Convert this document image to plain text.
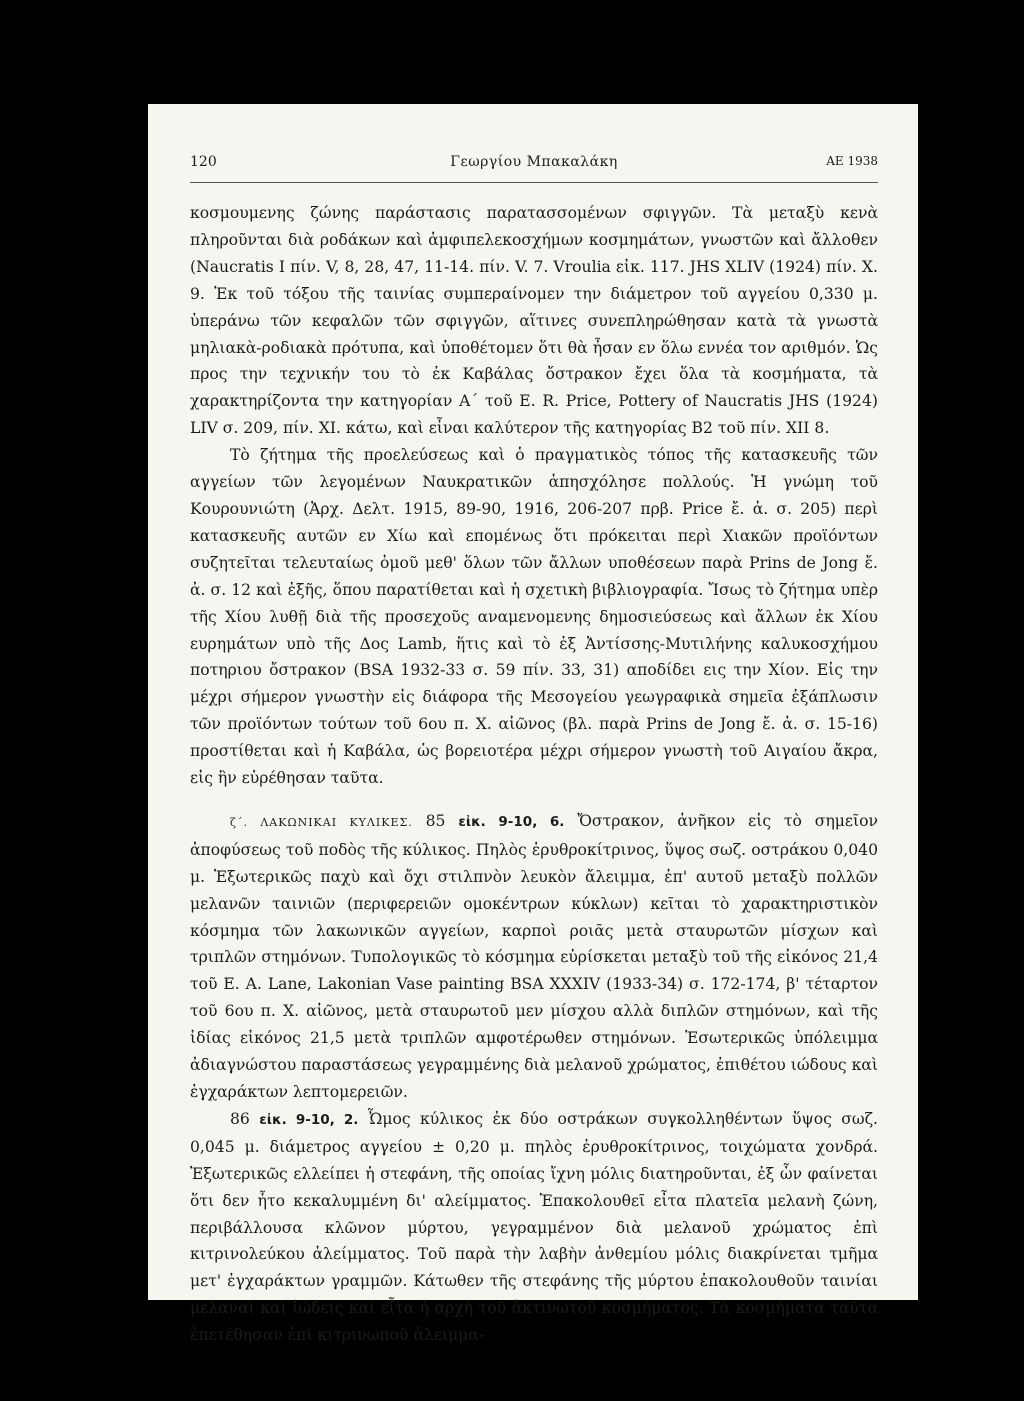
120	Γεωργίου Μπακαλάκη	ΑΕ 1938

κοσμουμενης ζώνης παράστασις παρατασσομένων σφιγγῶν. Τὰ μεταξὺ κενὰ πληροῦνται διὰ ροδάκων καὶ ἀμφιπελεκοσχήμων κοσμημάτων, γνωστῶν καὶ ἄλλοθεν (Naucratis I πίν. V, 8, 28, 47, 11-14. πίν. V. 7. Vroulia εἰκ. 117. JHS XLIV (1924) πίν. X. 9. Ἐκ τοῦ τόξου τῆς ταινίας συμπεραίνομεν την διάμετρον τοῦ αγγείου 0,330 μ. ὑπεράνω τῶν κεφαλῶν τῶν σφιγγῶν, αἵτινες συνεπληρώθησαν κατὰ τὰ γνωστὰ μηλιακὰ-ροδιακὰ πρότυπα, καὶ ὑποθέτομεν ὅτι θὰ ἦσαν εν ὅλω εννέα τον αριθμόν. Ὡς προς την τεχνικήν του τὸ ἐκ Καβάλας ὄστρακον ἔχει ὅλα τὰ κοσμήματα, τὰ χαρακτηρίζοντα την κατηγορίαν Α΄ τοῦ E. R. Price, Pottery of Naucratis JHS (1924) LIV σ. 209, πίν. XI. κάτω, καὶ εἶναι καλύτερον τῆς κατηγορίας Β2 τοῦ πίν. XII 8.

Τὸ ζήτημα τῆς προελεύσεως καὶ ὁ πραγματικὸς τόπος τῆς κατασκευῆς τῶν αγγείων τῶν λεγομένων Ναυκρατικῶν ἀπησχόλησε πολλούς. Ἡ γνώμη τοῦ Κουρουνιώτη (Ἀρχ. Δελτ. 1915, 89-90, 1916, 206-207 πρβ. Price ἔ. ἀ. σ. 205) περὶ κατασκευῆς αυτῶν εν Χίω καὶ επομένως ὅτι πρόκειται περὶ Χιακῶν προϊόντων συζητεῖται τελευταίως ὁμοῦ μεθ' ὅλων τῶν ἄλλων υποθέσεων παρὰ Prins de Jong ἔ. ἀ. σ. 12 καὶ ἑξῆς, ὅπου παρατίθεται καὶ ἡ σχετικὴ βιβλιογραφία. Ἴσως τὸ ζήτημα υπὲρ τῆς Χίου λυθῇ διὰ τῆς προσεχοῦς αναμενομενης δημοσιεύσεως καὶ ἄλλων ἐκ Χίου ευρημάτων υπὸ τῆς Δος Lamb, ἥτις καὶ τὸ ἐξ Ἀντίσσης-Μυτιλήνης καλυκοσχήμου ποτηριου ὄστρακον (BSA 1932-33 σ. 59 πίν. 33, 31) αποδίδει εις την Χίον. Εἰς την μέχρι σήμερον γνωστὴν εἰς διάφορα τῆς Μεσογείου γεωγραφικὰ σημεῖα ἐξάπλωσιν τῶν προϊόντων τούτων τοῦ 6ου π. Χ. αἰῶνος (βλ. παρὰ Prins de Jong ἔ. ἀ. σ. 15-16) προστίθεται καὶ ἡ Καβάλα, ὡς βορειοτέρα μέχρι σήμερον γνωστὴ τοῦ Αιγαίου ἄκρα, εἰς ἣν εὑρέθησαν ταῦτα.

ζ΄. ΛΑΚΩΝΙΚΑΙ ΚΥΛΙΚΕΣ. 85 εἰκ. 9-10, 6. Ὄστρακον, ἀνῆκον εἰς τὸ σημεῖον ἀποφύσεως τοῦ ποδὸς τῆς κύλικος. Πηλὸς ἐρυθροκίτρινος, ὕψος σωζ. οστράκου 0,040 μ. Ἐξωτερικῶς παχὺ καὶ ὄχι στιλπνὸν λευκὸν ἄλειμμα, ἐπ' αυτοῦ μεταξὺ πολλῶν μελανῶν ταινιῶν (περιφερειῶν ομοκέντρων κύκλων) κεῖται τὸ χαρακτηριστικὸν κόσμημα τῶν λακωνικῶν αγγείων, καρποὶ ροιᾶς μετὰ σταυρωτῶν μίσχων καὶ τριπλῶν στημόνων. Τυπολογικῶς τὸ κόσμημα εὑρίσκεται μεταξὺ τοῦ τῆς εἰκόνος 21,4 τοῦ E. A. Lane, Lakonian Vase painting BSA XXXIV (1933-34) σ. 172-174, β' τέταρτον τοῦ 6ου π. Χ. αἰῶνος, μετὰ σταυρωτοῦ μεν μίσχου αλλὰ διπλῶν στημόνων, καὶ τῆς ἰδίας εἰκόνος 21,5 μετὰ τριπλῶν αμφοτέρωθεν στημόνων. Ἐσωτερικῶς ὑπόλειμμα ἀδιαγνώστου παραστάσεως γεγραμμένης διὰ μελανοῦ χρώματος, ἐπιθέτου ιώδους καὶ ἐγχαράκτων λεπτομερειῶν.

86 εἰκ. 9-10, 2. Ὦμος κύλικος ἐκ δύο οστράκων συγκολληθέντων ὕψος σωζ. 0,045 μ. διάμετρος αγγείου ± 0,20 μ. πηλὸς ἐρυθροκίτρινος, τοιχώματα χονδρά. Ἐξωτερικῶς ελλείπει ἡ στεφάνη, τῆς οποίας ἴχνη μόλις διατηροῦνται, ἐξ ὧν φαίνεται ὅτι δεν ἦτο κεκαλυμμένη δι' αλείμματος. Ἐπακολουθεῖ εἶτα πλατεῖα μελανὴ ζώνη, περιβάλλουσα κλῶνον μύρτου, γεγραμμένον διὰ μελανοῦ χρώματος ἐπὶ κιτρινολεύκου ἀλείμματος. Τοῦ παρὰ τὴν λαβὴν ἀνθεμίου μόλις διακρίνεται τμῆμα μετ' ἐγχαράκτων γραμμῶν. Κάτωθεν τῆς στεφάνης τῆς μύρτου ἐπακολουθοῦν ταινίαι μελαναὶ καὶ ἰώδεις καὶ εἶτα ἡ αρχὴ τοῦ ἀκτινωτοῦ κοσμήματος. Τὰ κοσμήματα ταῦτα ἐπετέθησαν ἐπὶ κιτρινωποῦ ἀλειμμα-
